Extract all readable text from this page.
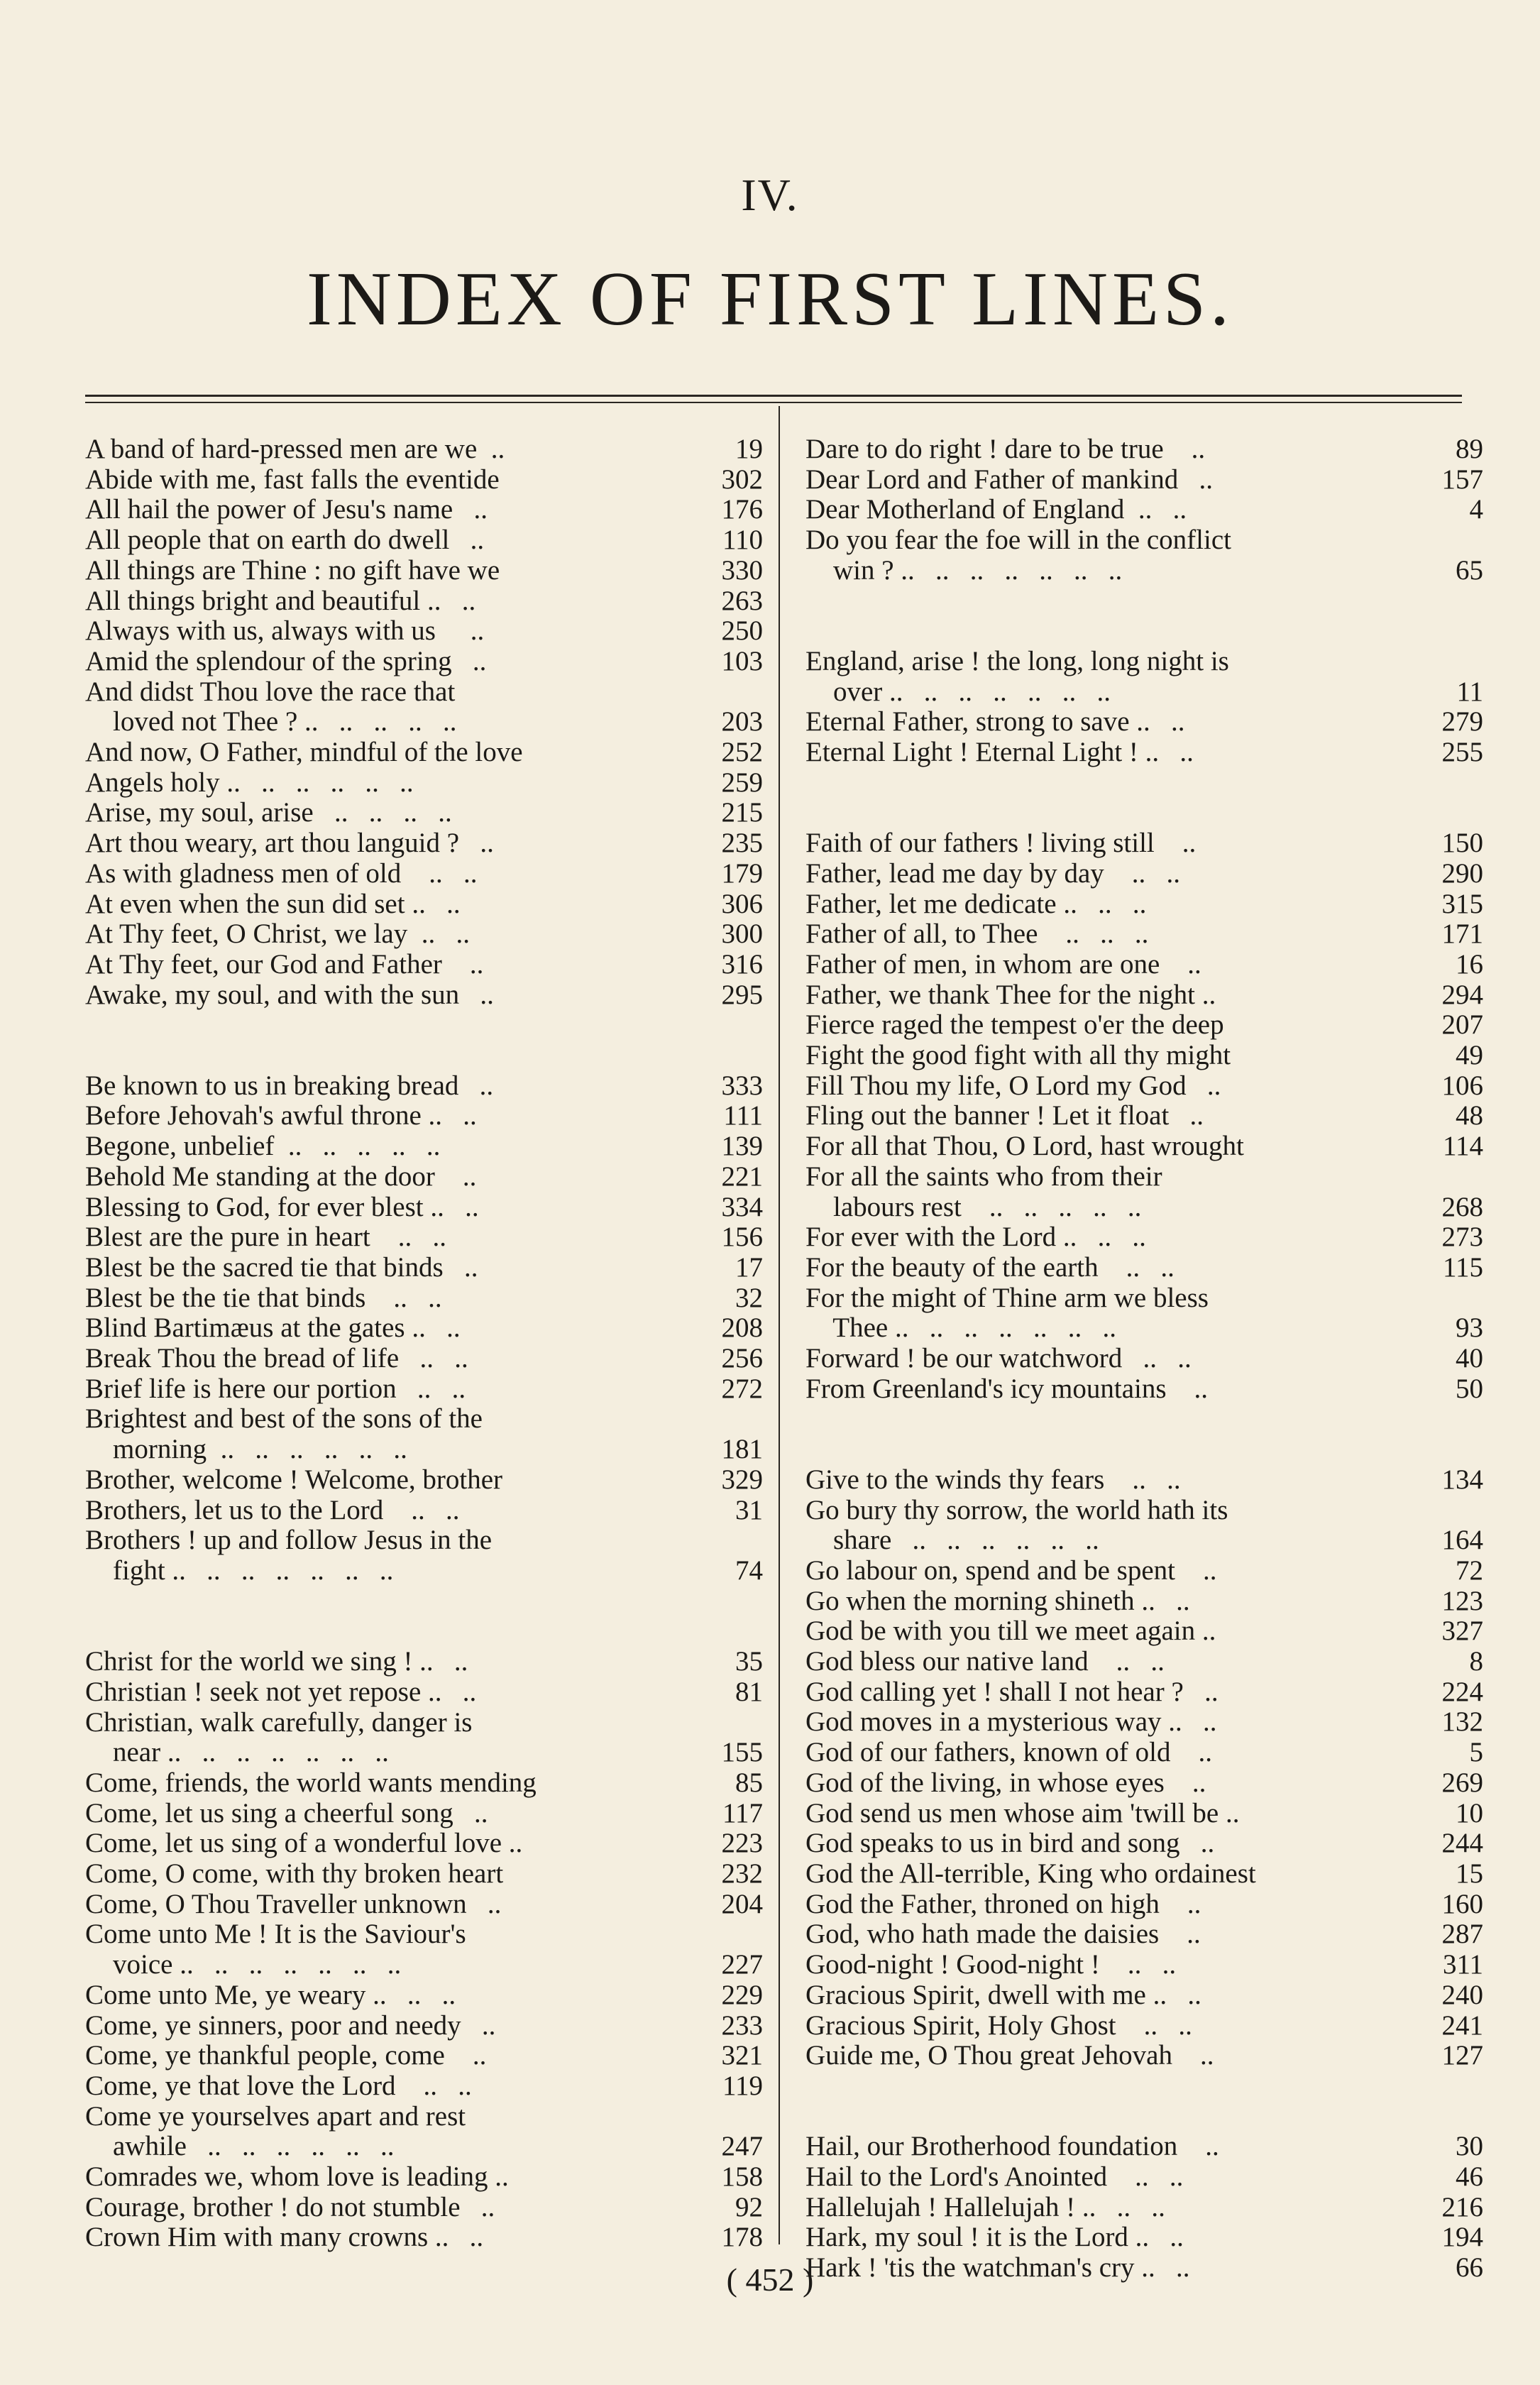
IV.
INDEX OF FIRST LINES.
A band of hard-pressed men are we  ..	19
Abide with me, fast falls the eventide	302
All hail the power of Jesu's name   ..	176
All people that on earth do dwell   ..	110
All things are Thine : no gift have we	330
All things bright and beautiful ..   ..	263
Always with us, always with us     ..	250
Amid the splendour of the spring   ..	103
And didst Thou love the race that
loved not Thee ? ..   ..   ..   ..   ..	203
And now, O Father, mindful of the love	252
Angels holy ..   ..   ..   ..   ..   ..	259
Arise, my soul, arise   ..   ..   ..   ..	215
Art thou weary, art thou languid ?   ..	235
As with gladness men of old    ..   ..	179
At even when the sun did set ..   ..	306
At Thy feet, O Christ, we lay  ..   ..	300
At Thy feet, our God and Father    ..	316
Awake, my soul, and with the sun   ..	295
Be known to us in breaking bread   ..	333
Before Jehovah's awful throne ..   ..	111
Begone, unbelief  ..   ..   ..   ..   ..	139
Behold Me standing at the door    ..	221
Blessing to God, for ever blest ..   ..	334
Blest are the pure in heart    ..   ..	156
Blest be the sacred tie that binds   ..	17
Blest be the tie that binds    ..   ..	32
Blind Bartimæus at the gates ..   ..	208
Break Thou the bread of life   ..   ..	256
Brief life is here our portion   ..   ..	272
Brightest and best of the sons of the
morning  ..   ..   ..   ..   ..   ..	181
Brother, welcome ! Welcome, brother	329
Brothers, let us to the Lord    ..   ..	31
Brothers ! up and follow Jesus in the
fight ..   ..   ..   ..   ..   ..   ..	74
Christ for the world we sing ! ..   ..	35
Christian ! seek not yet repose ..   ..	81
Christian, walk carefully, danger is
near ..   ..   ..   ..   ..   ..   ..	155
Come, friends, the world wants mending	85
Come, let us sing a cheerful song   ..	117
Come, let us sing of a wonderful love ..	223
Come, O come, with thy broken heart	232
Come, O Thou Traveller unknown   ..	204
Come unto Me ! It is the Saviour's
voice ..   ..   ..   ..   ..   ..   ..	227
Come unto Me, ye weary ..   ..   ..	229
Come, ye sinners, poor and needy   ..	233
Come, ye thankful people, come    ..	321
Come, ye that love the Lord    ..   ..	119
Come ye yourselves apart and rest
awhile   ..   ..   ..   ..   ..   ..	247
Comrades we, whom love is leading ..	158
Courage, brother ! do not stumble   ..	92
Crown Him with many crowns ..   ..	178
Dare to do right ! dare to be true    ..	89
Dear Lord and Father of mankind   ..	157
Dear Motherland of England  ..   ..	4
Do you fear the foe will in the conflict
win ? ..   ..   ..   ..   ..   ..   ..	65
England, arise ! the long, long night is
over ..   ..   ..   ..   ..   ..   ..	11
Eternal Father, strong to save ..   ..	279
Eternal Light ! Eternal Light ! ..   ..	255
Faith of our fathers ! living still    ..	150
Father, lead me day by day    ..   ..	290
Father, let me dedicate ..   ..   ..	315
Father of all, to Thee    ..   ..   ..	171
Father of men, in whom are one    ..	16
Father, we thank Thee for the night ..	294
Fierce raged the tempest o'er the deep	207
Fight the good fight with all thy might	49
Fill Thou my life, O Lord my God   ..	106
Fling out the banner ! Let it float   ..	48
For all that Thou, O Lord, hast wrought	114
For all the saints who from their
labours rest    ..   ..   ..   ..   ..	268
For ever with the Lord ..   ..   ..	273
For the beauty of the earth    ..   ..	115
For the might of Thine arm we bless
Thee ..   ..   ..   ..   ..   ..   ..	93
Forward ! be our watchword   ..   ..	40
From Greenland's icy mountains    ..	50
Give to the winds thy fears    ..   ..	134
Go bury thy sorrow, the world hath its
share   ..   ..   ..   ..   ..   ..	164
Go labour on, spend and be spent    ..	72
Go when the morning shineth ..   ..	123
God be with you till we meet again ..	327
God bless our native land    ..   ..	8
God calling yet ! shall I not hear ?   ..	224
God moves in a mysterious way ..   ..	132
God of our fathers, known of old    ..	5
God of the living, in whose eyes    ..	269
God send us men whose aim 'twill be ..	10
God speaks to us in bird and song   ..	244
God the All-terrible, King who ordainest	15
God the Father, throned on high    ..	160
God, who hath made the daisies    ..	287
Good-night ! Good-night !    ..   ..	311
Gracious Spirit, dwell with me ..   ..	240
Gracious Spirit, Holy Ghost    ..   ..	241
Guide me, O Thou great Jehovah    ..	127
Hail, our Brotherhood foundation    ..	30
Hail to the Lord's Anointed    ..   ..	46
Hallelujah ! Hallelujah ! ..   ..   ..	216
Hark, my soul ! it is the Lord ..   ..	194
Hark ! 'tis the watchman's cry ..   ..	66
( 452 )
